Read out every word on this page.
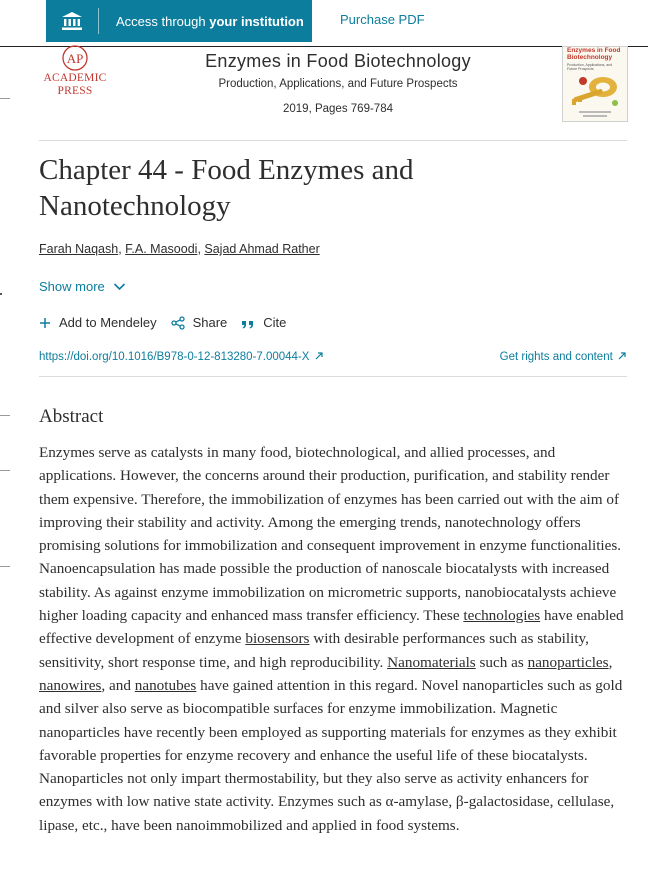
Access through your institution	Purchase PDF
AP
ACADEMIC
PRESS
Enzymes in Food Biotechnology
Production, Applications, and Future Prospects
2019, Pages 769-784
Enzymes in Food Biotechnology
Production, Applications, and Future Prospects
Chapter 44 - Food Enzymes and Nanotechnology
Farah Naqash, F.A. Masoodi, Sajad Ahmad Rather
Show more
Add to Mendeley	Share	Cite
https://doi.org/10.1016/B978-0-12-813280-7.00044-X	Get rights and content
Abstract

Enzymes serve as catalysts in many food, biotechnological, and allied processes, and applications. However, the concerns around their production, purification, and stability render them expensive. Therefore, the immobilization of enzymes has been carried out with the aim of improving their stability and activity. Among the emerging trends, nanotechnology offers promising solutions for immobilization and consequent improvement in enzyme functionalities. Nanoencapsulation has made possible the production of nanoscale biocatalysts with increased stability. As against enzyme immobilization on micrometric supports, nanobiocatalysts achieve higher loading capacity and enhanced mass transfer efficiency. These technologies have enabled effective development of enzyme biosensors with desirable performances such as stability, sensitivity, short response time, and high reproducibility. Nanomaterials such as nanoparticles, nanowires, and nanotubes have gained attention in this regard. Novel nanoparticles such as gold and silver also serve as biocompatible surfaces for enzyme immobilization. Magnetic nanoparticles have recently been employed as supporting materials for enzymes as they exhibit favorable properties for enzyme recovery and enhance the useful life of these biocatalysts. Nanoparticles not only impart thermostability, but they also serve as activity enhancers for enzymes with low native state activity. Enzymes such as α-amylase, β-galactosidase, cellulase, lipase, etc., have been nanoimmobilized and applied in food systems.
